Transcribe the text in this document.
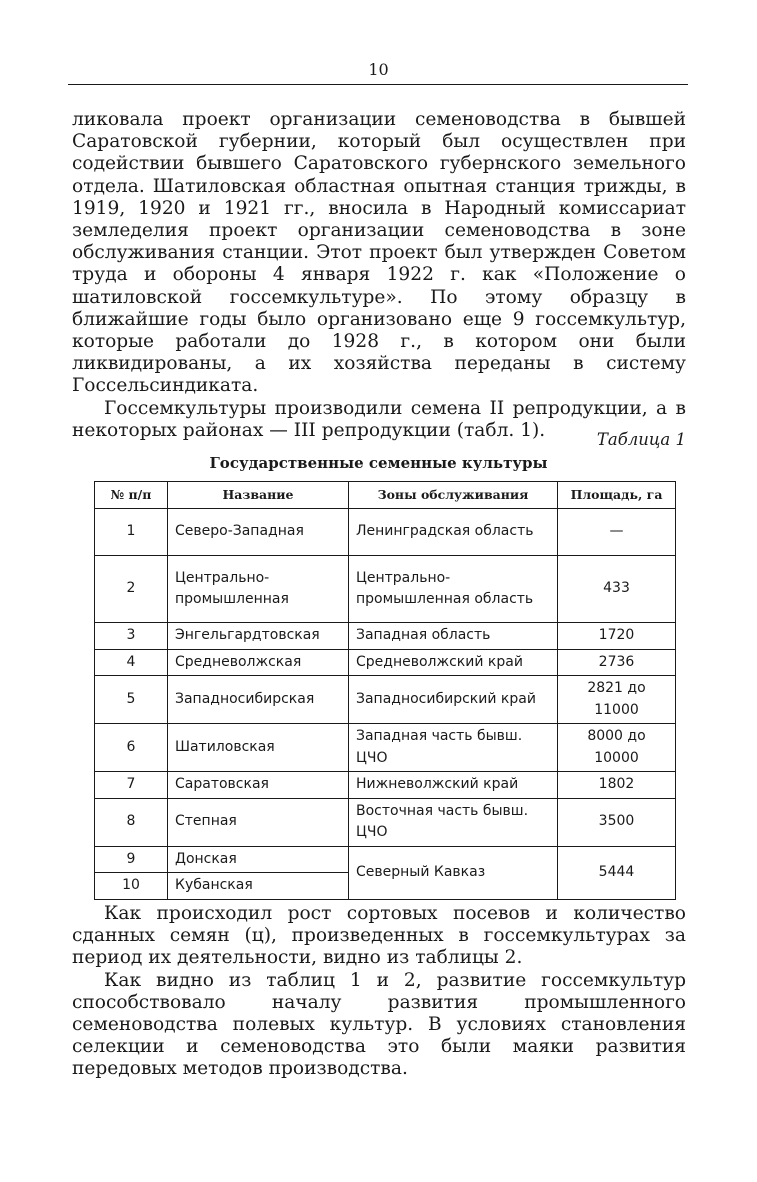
10

ликовала проект организации семеноводства в бывшей Саратовской губернии, который был осуществлен при содействии бывшего Саратовского губернского земельного отдела. Шатиловская областная опытная станция трижды, в 1919, 1920 и 1921 гг., вносила в Народный комиссариат земледелия проект организации семеноводства в зоне обслуживания станции. Этот проект был утвержден Советом труда и обороны 4 января 1922 г. как «Положение о шатиловской госсемкультуре». По этому образцу в ближайшие годы было организовано еще 9 госсемкультур, которые работали до 1928 г., в котором они были ликвидированы, а их хозяйства переданы в систему Госсельсиндиката.

Госсемкультуры производили семена II репродукции, а в некоторых районах — III репродукции (табл. 1).	Таблица 1
Государственные семенные культуры
№ п/п	Название	Зоны обслуживания	Площадь, га
1	Северо-Западная	Ленинградская область	—
2	Центрально-промышленная	Центрально-промышленная область	433
3	Энгельгардтовская	Западная область	1720
4	Средневолжская	Средневолжский край	2736
5	Западносибирская	Западносибирский край	2821 до 11000
6	Шатиловская	Западная часть бывш. ЦЧО	8000 до 10000
7	Саратовская	Нижневолжский край	1802
8	Степная	Восточная часть бывш. ЦЧО	3500
9	Донская	Северный Кавказ	5444
10	Кубанская		

Как происходил рост сортовых посевов и количество сданных семян (ц), произведенных в госсемкультурах за период их деятельности, видно из таблицы 2.

Как видно из таблиц 1 и 2, развитие госсемкультур способствовало началу развития промышленного семеноводства полевых культур. В условиях становления селекции и семеноводства это были маяки развития передовых методов производства.
